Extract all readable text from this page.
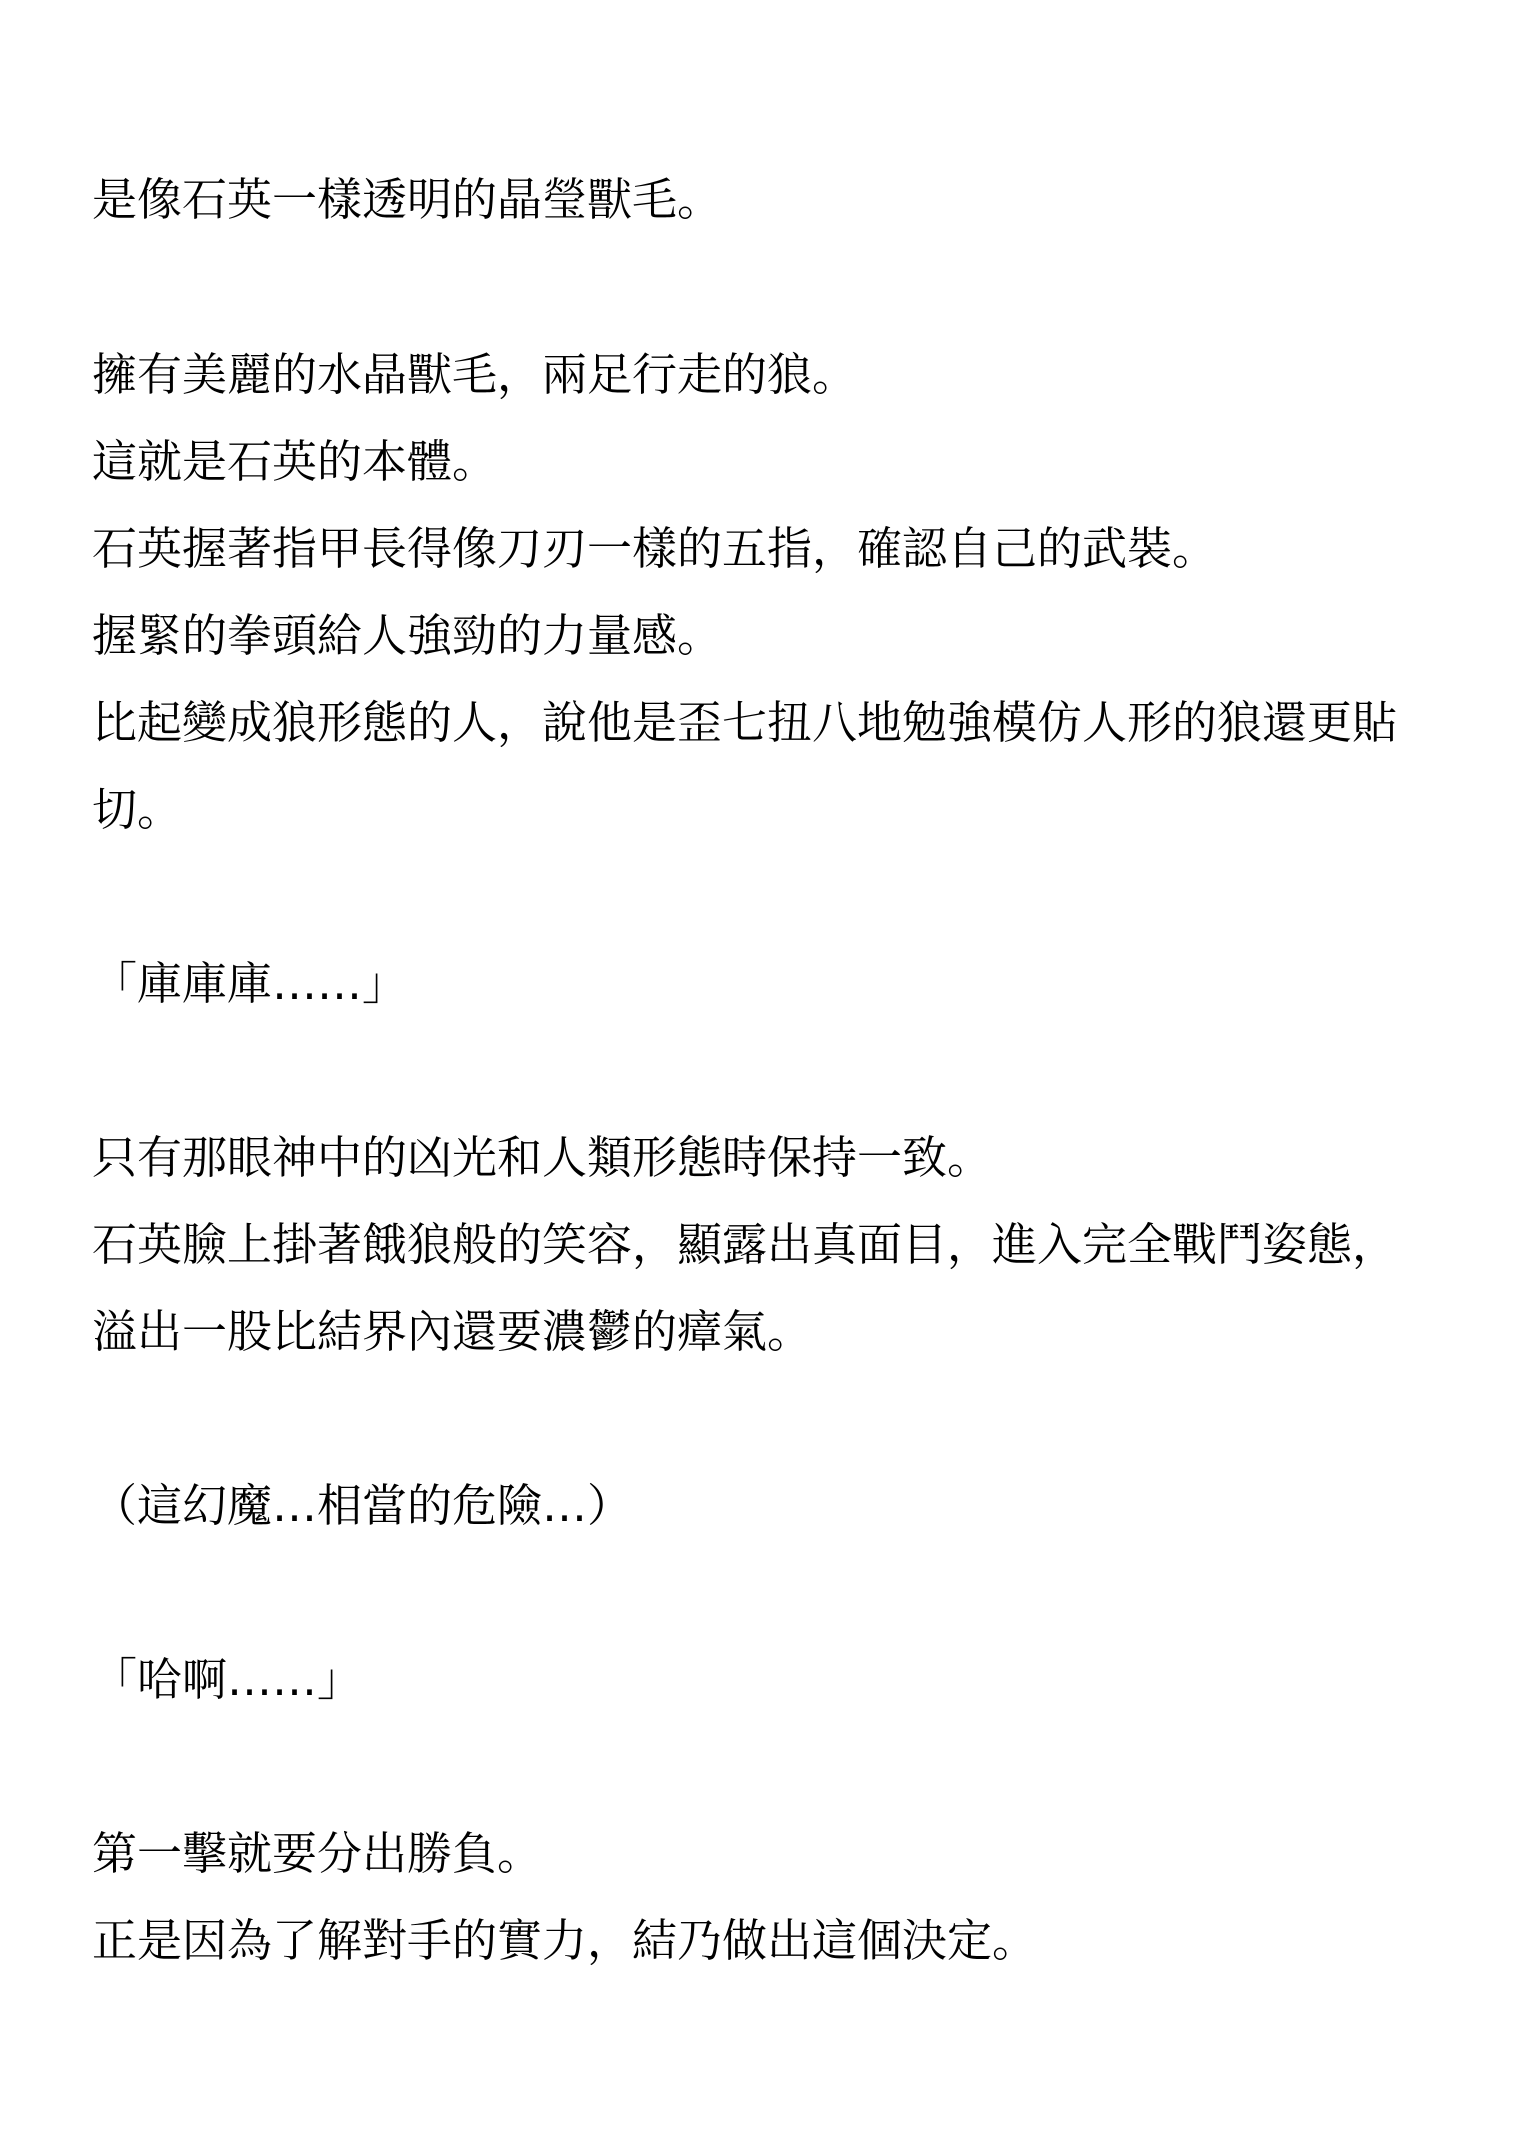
是像石英一樣透明的晶瑩獸毛。
擁有美麗的水晶獸毛，兩足行走的狼。
這就是石英的本體。
石英握著指甲長得像刀刃一樣的五指，確認自己的武裝。
握緊的拳頭給人強勁的力量感。
比起變成狼形態的人，說他是歪七扭八地勉強模仿人形的狼還更貼
切。
「庫庫庫……」
只有那眼神中的凶光和人類形態時保持一致。
石英臉上掛著餓狼般的笑容，顯露出真面目，進入完全戰鬥姿態，
溢出一股比結界內還要濃鬱的瘴氣。
（這幻魔…相當的危險…）
「哈啊……」
第一擊就要分出勝負。
正是因為了解對手的實力，結乃做出這個決定。
